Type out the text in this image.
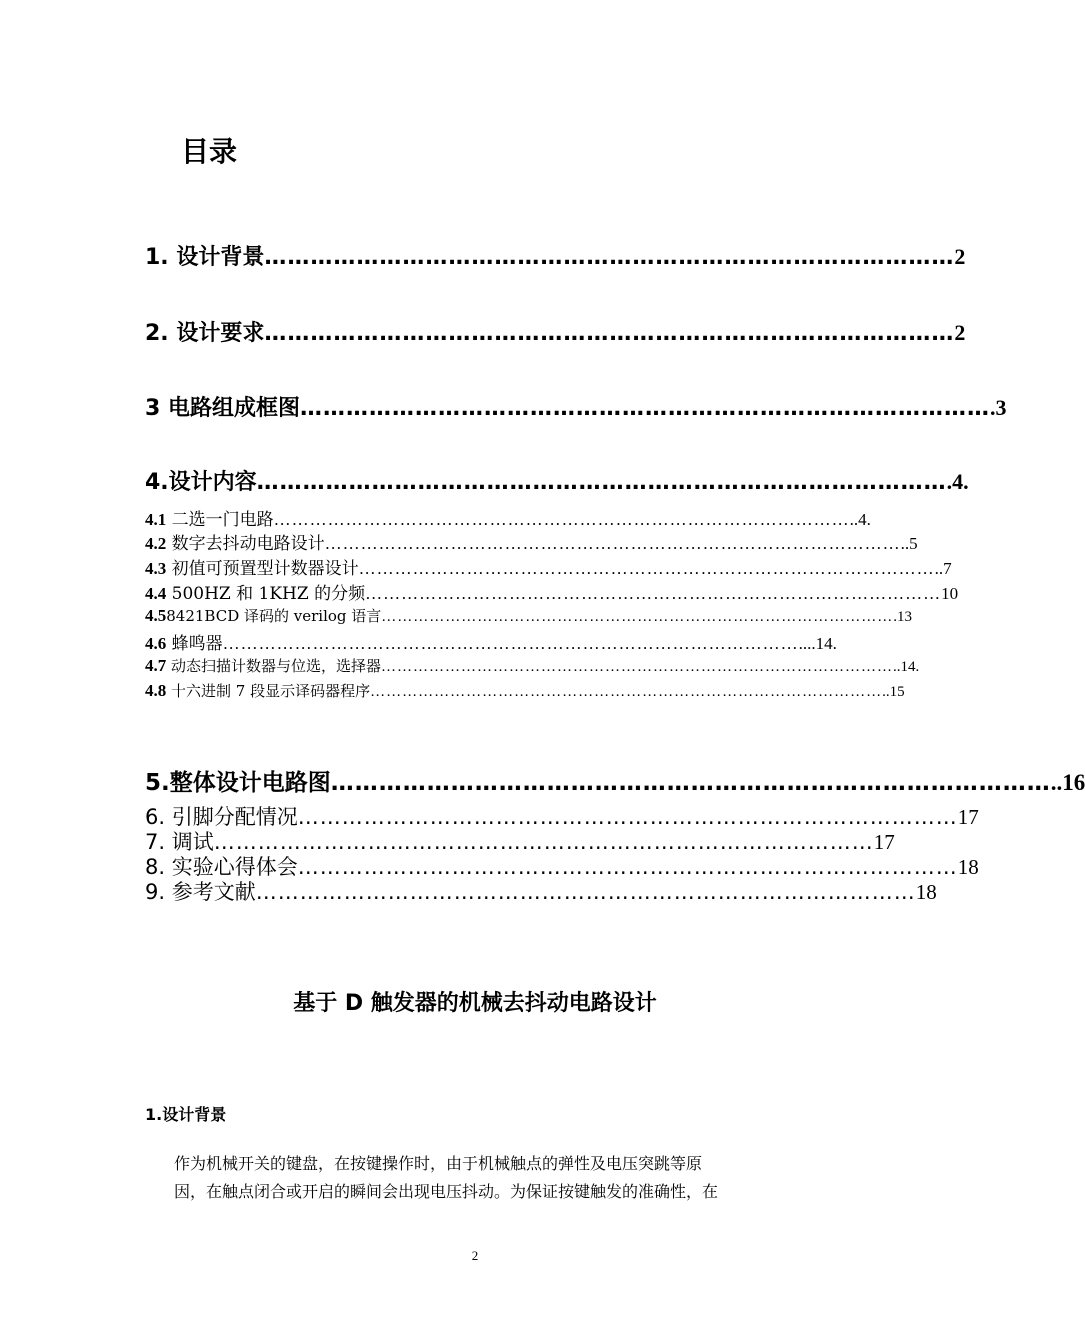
目录
1. 设计背景 ……………………………………………………………………………… 2
2. 设计要求 ……………………………………………………………………………… 2
3 电路组成框图 ……………………………………………………………………………… .3
4.设计内容 ……………………………………………………………………………… .4.
4.1 二选一门电路 …………………………………………………………………………………… ..4.
4.2 数字去抖动电路设计 …………………………………………………………………………………… ..5
4.3 初值可预置型计数器设计 …………………………………………………………………………………… ..7
4.4 500HZ 和 1KHZ 的分频 …………………………………………………………………………………… 10
4.58421BCD 译码的 verilog 语言 …………………………………………………………………………………… .13
4.6 蜂鸣器 …………………………………………………………………………………… ....14.
4.7 动态扫描计数器与位选，选择器 …………………………………………………………………………………… ..14.
4.8 十六进制 7 段显示译码器程序 …………………………………………………………………………………… ..15
5.整体设计电路图 ……………………………………………………………………………… ..16
6. 引脚分配情况 ……………………………………………………………………………… 17
7. 调试 ……………………………………………………………………………… 17
8. 实验心得体会 ……………………………………………………………………………… 18
9. 参考文献 ……………………………………………………………………………… 18
基于 D 触发器的机械去抖动电路设计
1.设计背景
作为机械开关的键盘，在按键操作时，由于机械触点的弹性及电压突跳等原
因，在触点闭合或开启的瞬间会出现电压抖动。为保证按键触发的准确性，在
2
